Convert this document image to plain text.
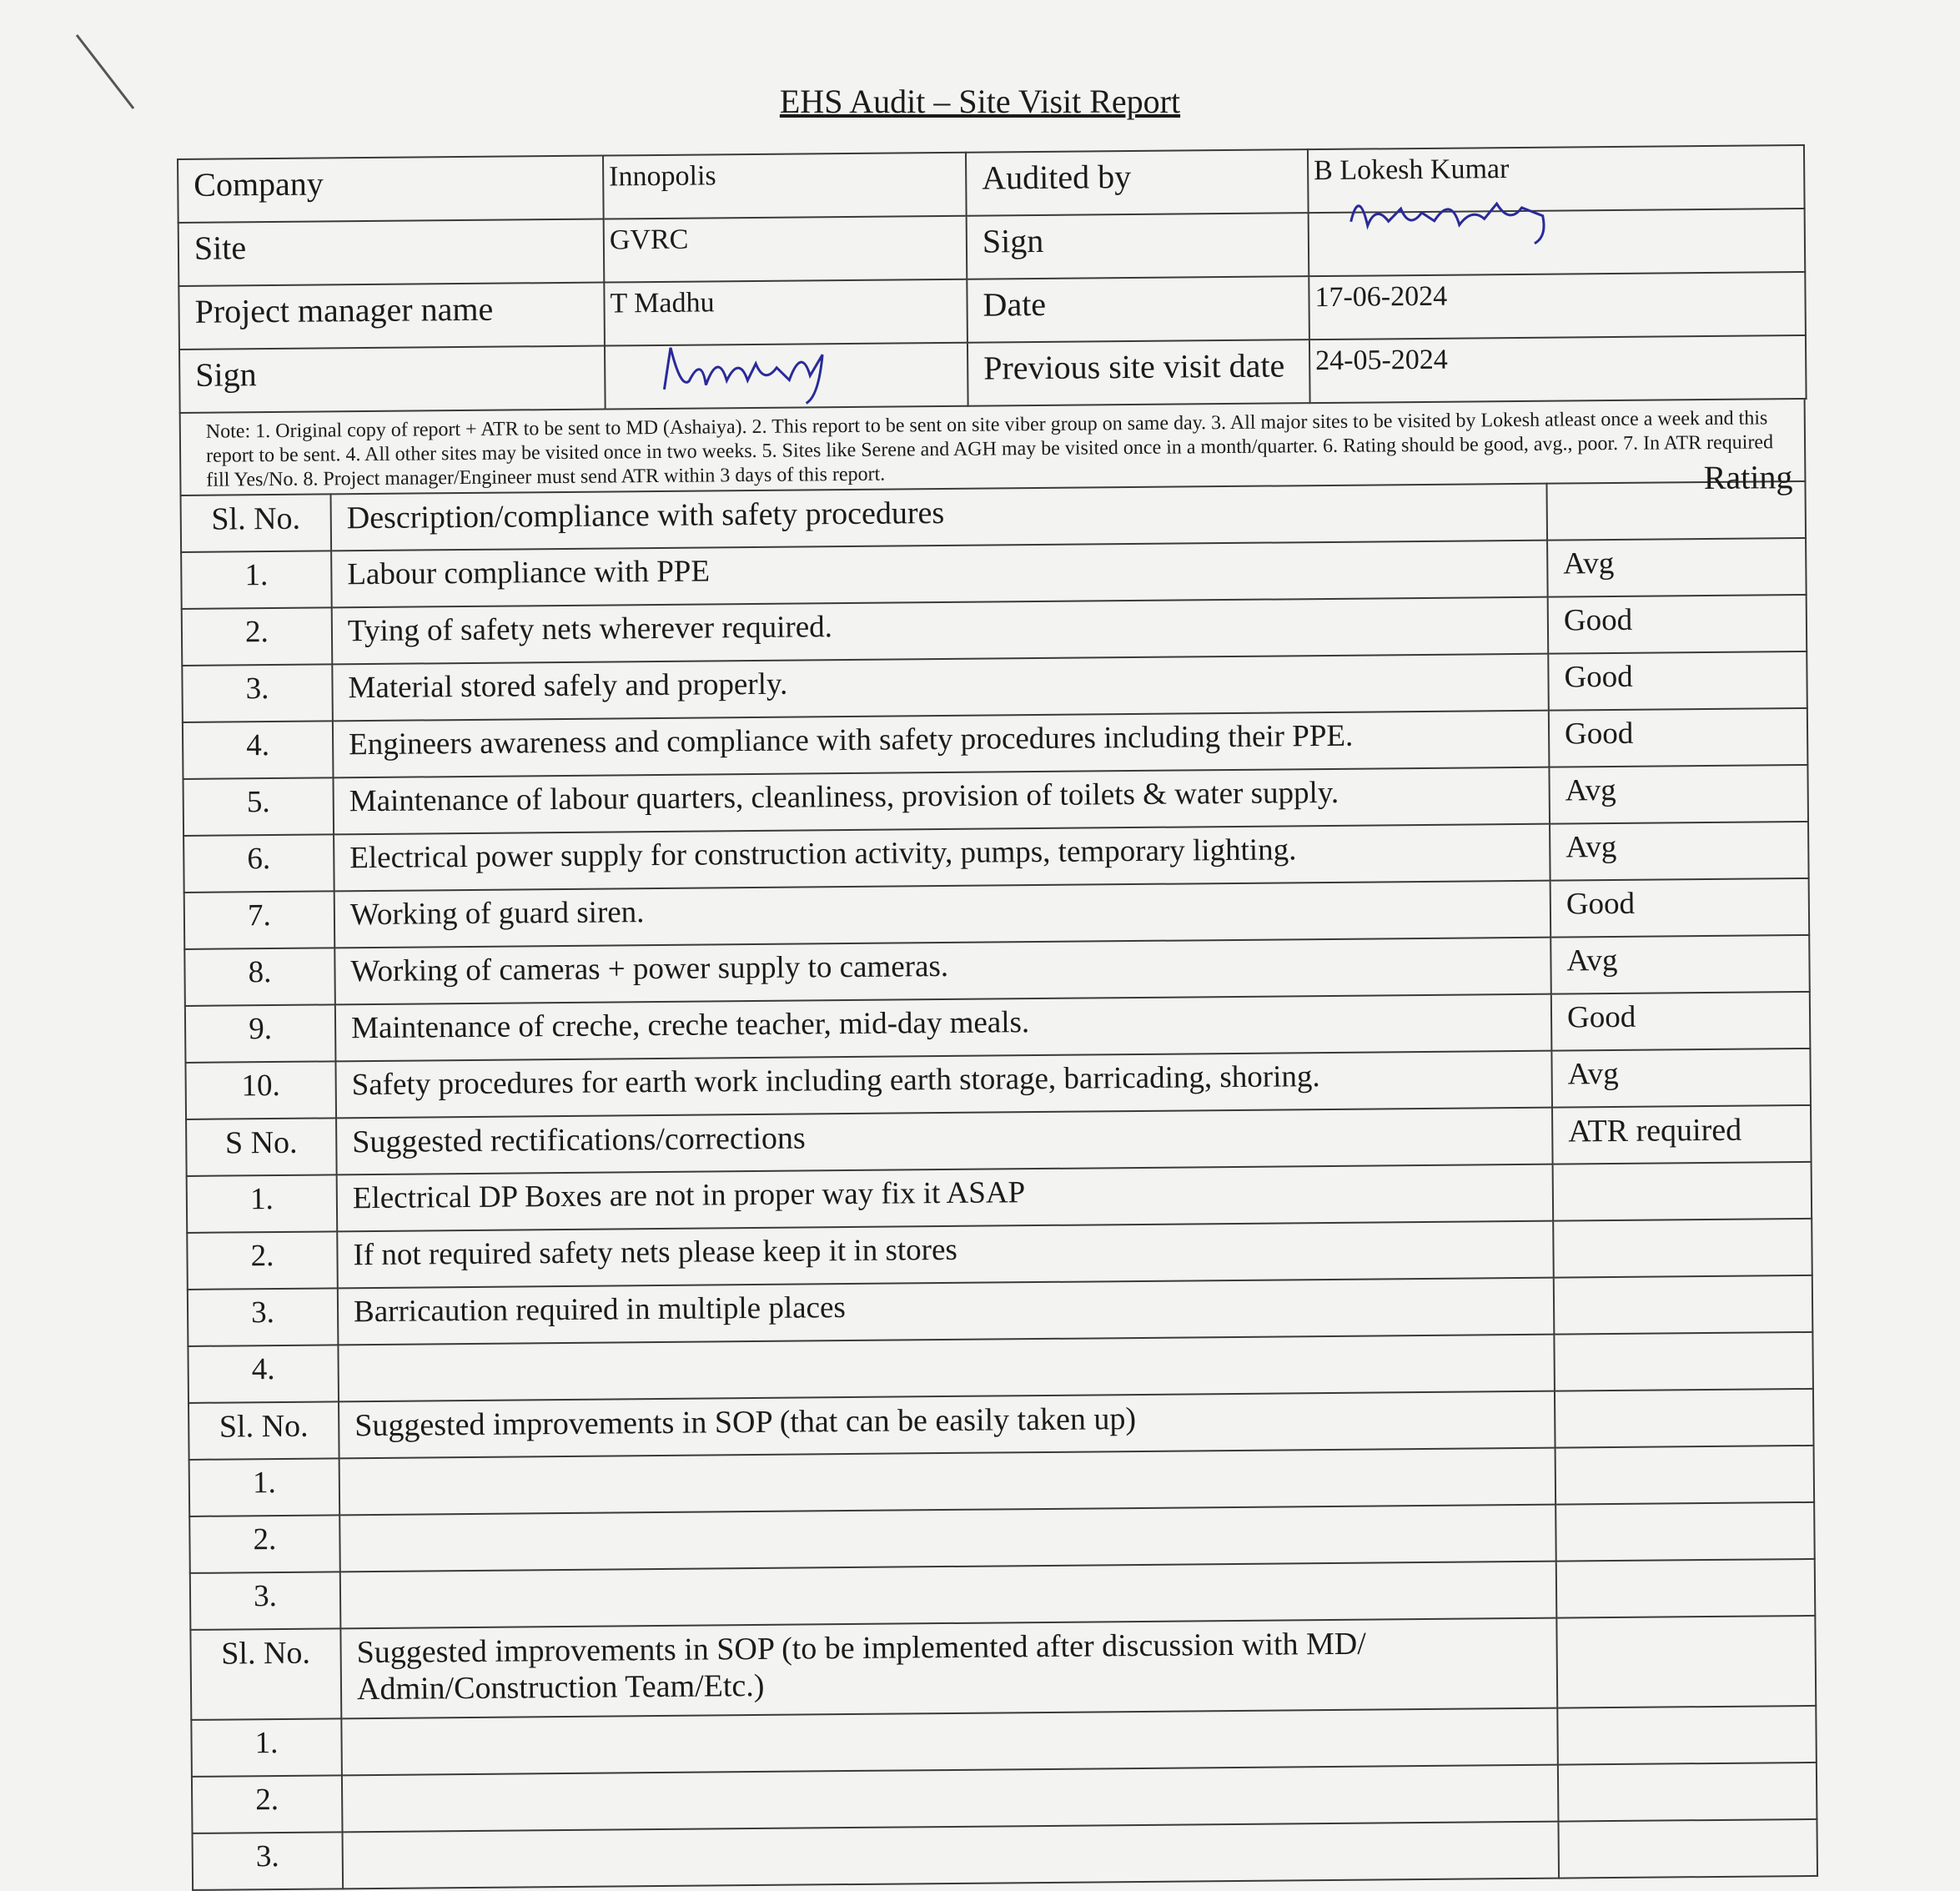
EHS Audit – Site Visit Report
Company	Innopolis	Audited by	B Lokesh Kumar
Site	GVRC	Sign	

Project manager name	T Madhu	Date	17-06-2024
Sign		Previous site visit date	24-05-2024
Note: 1. Original copy of report + ATR to be sent to MD (Ashaiya). 2. This report to be sent on site viber group on same day. 3. All major sites to be visited by Lokesh atleast once a week and this report to be sent. 4. All other sites may be visited once in two weeks. 5. Sites like Serene and AGH may be visited once in a month/quarter. 6. Rating should be good, avg., poor. 7. In ATR required fill Yes/No. 8. Project manager/Engineer must send ATR within 3 days of this report.	Rating
Sl. No.	Description/compliance with safety procedures	
1.	Labour compliance with PPE	Avg
2.	Tying of safety nets wherever required.	Good
3.	Material stored safely and properly.	Good
4.	Engineers awareness and compliance with safety procedures including their PPE.	Good
5.	Maintenance of labour quarters, cleanliness, provision of toilets & water supply.	Avg
6.	Electrical power supply for construction activity, pumps, temporary lighting.	Avg
7.	Working of guard siren.	Good
8.	Working of cameras + power supply to cameras.	Avg
9.	Maintenance of creche, creche teacher, mid-day meals.	Good
10.	Safety procedures for earth work including earth storage, barricading, shoring.	Avg
S No.	Suggested rectifications/corrections	ATR required
1.	Electrical DP Boxes are not in proper way fix it ASAP	
2.	If not required safety nets please keep it in stores	
3.	Barricaution required in multiple places	
4.		
Sl. No.	Suggested improvements in SOP (that can be easily taken up)	
1.		
2.		
3.		
Sl. No.	Suggested improvements in SOP (to be implemented after discussion with MD/ Admin/Construction Team/Etc.)	
1.		
2.		
3.		
